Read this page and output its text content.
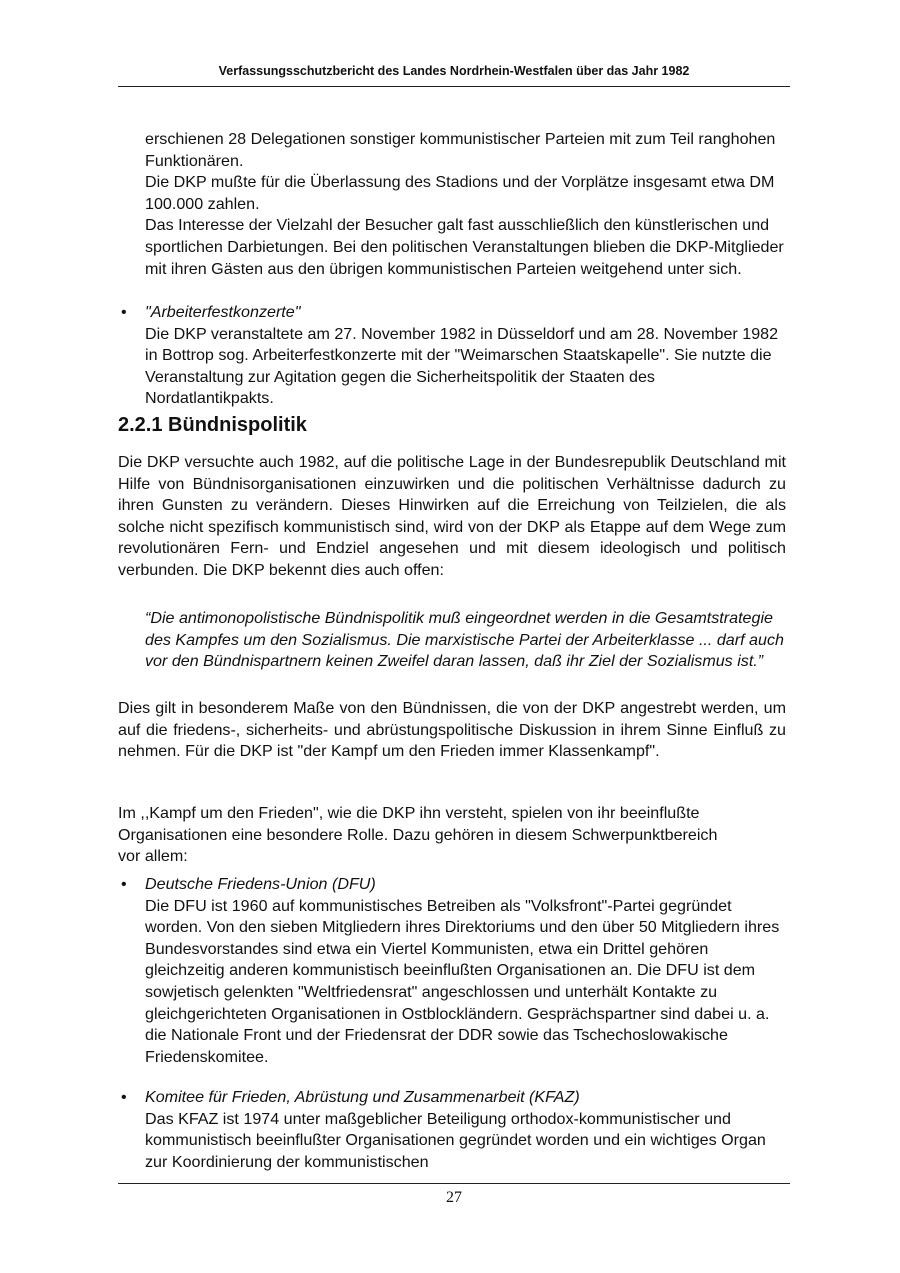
Verfassungsschutzbericht des Landes Nordrhein-Westfalen über das Jahr 1982

erschienen 28 Delegationen sonstiger kommunistischer Parteien mit zum Teil ranghohen Funktionären.

Die DKP mußte für die Überlassung des Stadions und der Vorplätze insgesamt etwa DM 100.000 zahlen.

Das Interesse der Vielzahl der Besucher galt fast ausschließlich den künstlerischen und sportlichen Darbietungen. Bei den politischen Veranstaltungen blieben die DKP-Mitglieder mit ihren Gästen aus den übrigen kommunistischen Parteien weitgehend unter sich.

• "Arbeiterfestkonzerte"

Die DKP veranstaltete am 27. November 1982 in Düsseldorf und am 28. November 1982 in Bottrop sog. Arbeiterfestkonzerte mit der "Weimarschen Staatskapelle". Sie nutzte die Veranstaltung zur Agitation gegen die Sicherheitspolitik der Staaten des Nordatlantikpakts.

2.2.1 Bündnispolitik
Die DKP versuchte auch 1982, auf die politische Lage in der Bundesrepublik Deutschland mit Hilfe von Bündnisorganisationen einzuwirken und die politischen Verhältnisse dadurch zu ihren Gunsten zu verändern. Dieses Hinwirken auf die Erreichung von Teilzielen, die als solche nicht spezifisch kommunistisch sind, wird von der DKP als Etappe auf dem Wege zum revolutionären Fern- und Endziel angesehen und mit diesem ideologisch und politisch verbunden. Die DKP bekennt dies auch offen:
“Die antimonopolistische Bündnispolitik muß eingeordnet werden in die Gesamtstrategie des Kampfes um den Sozialismus. Die marxistische Partei der Arbeiterklasse ... darf auch vor den Bündnispartnern keinen Zweifel daran lassen, daß ihr Ziel der Sozialismus ist.”
Dies gilt in besonderem Maße von den Bündnissen, die von der DKP angestrebt werden, um auf die friedens-, sicherheits- und abrüstungspolitische Diskussion in ihrem Sinne Einfluß zu nehmen. Für die DKP ist "der Kampf um den Frieden immer Klassenkampf".
Im ,,Kampf um den Frieden", wie die DKP ihn versteht, spielen von ihr beeinflußte Organisationen eine besondere Rolle. Dazu gehören in diesem Schwerpunktbereich vor allem:
• Deutsche Friedens-Union (DFU)

Die DFU ist 1960 auf kommunistisches Betreiben als "Volksfront"-Partei gegründet worden. Von den sieben Mitgliedern ihres Direktoriums und den über 50 Mitgliedern ihres Bundesvorstandes sind etwa ein Viertel Kommunisten, etwa ein Drittel gehören gleichzeitig anderen kommunistisch beeinflußten Organisationen an. Die DFU ist dem sowjetisch gelenkten "Weltfriedensrat" angeschlossen und unterhält Kontakte zu gleichgerichteten Organisationen in Ostblockländern. Gesprächspartner sind dabei u. a. die Nationale Front und der Friedensrat der DDR sowie das Tschechoslowakische Friedenskomitee.

• Komitee für Frieden, Abrüstung und Zusammenarbeit (KFAZ)

Das KFAZ ist 1974 unter maßgeblicher Beteiligung orthodox-kommunistischer und kommunistisch beeinflußter Organisationen gegründet worden und ein wichtiges Organ zur Koordinierung der kommunistischen

27
